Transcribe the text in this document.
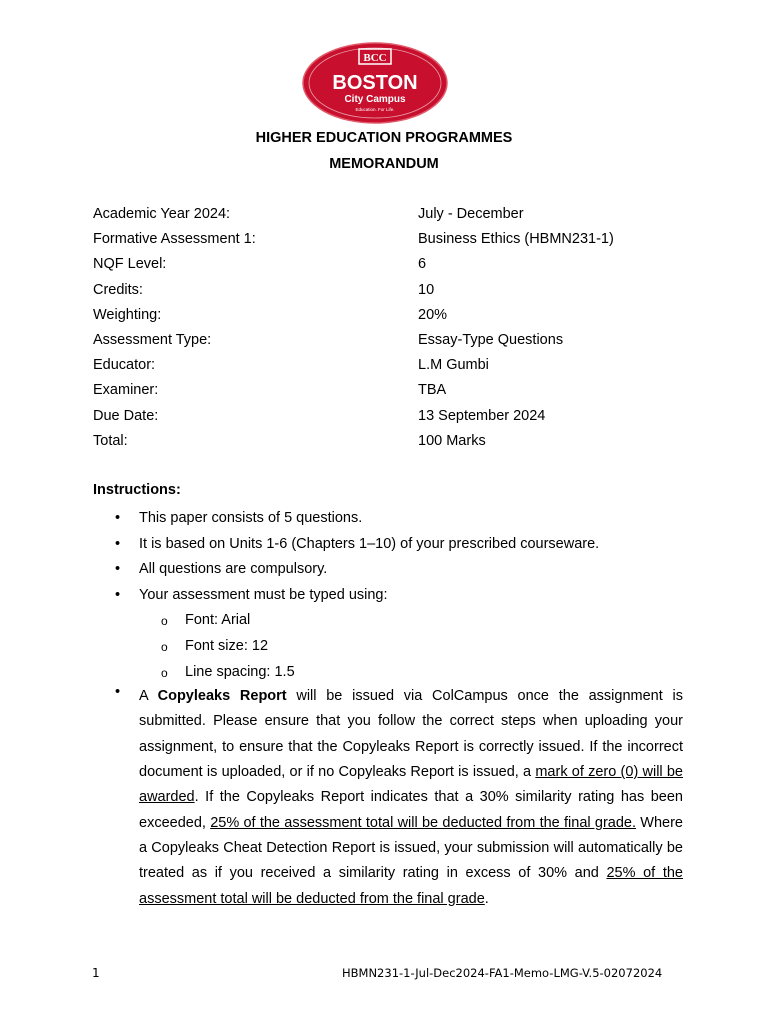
BCC
BOSTON
City Campus
Education. For Life.
HIGHER EDUCATION PROGRAMMES
MEMORANDUM
Academic Year 2024:	July - December
Formative Assessment 1:	Business Ethics (HBMN231-1)
NQF Level:	6
Credits:	10
Weighting:	20%
Assessment Type:	Essay-Type Questions
Educator:	L.M Gumbi
Examiner:	TBA
Due Date:	13 September 2024
Total:	100 Marks
Instructions:
• This paper consists of 5 questions.
• It is based on Units 1-6 (Chapters 1–10) of your prescribed courseware.
• All questions are compulsory.
• Your assessment must be typed using:
o Font: Arial
o Font size: 12
o Line spacing: 1.5
• A Copyleaks Report will be issued via ColCampus once the assignment is submitted. Please ensure that you follow the correct steps when uploading your assignment, to ensure that the Copyleaks Report is correctly issued. If the incorrect document is uploaded, or if no Copyleaks Report is issued, a mark of zero (0) will be awarded. If the Copyleaks Report indicates that a 30% similarity rating has been exceeded, 25% of the assessment total will be deducted from the final grade. Where a Copyleaks Cheat Detection Report is issued, your submission will automatically be treated as if you received a similarity rating in excess of 30% and 25% of the assessment total will be deducted from the final grade.
1	HBMN231-1-Jul-Dec2024-FA1-Memo-LMG-V.5-02072024
